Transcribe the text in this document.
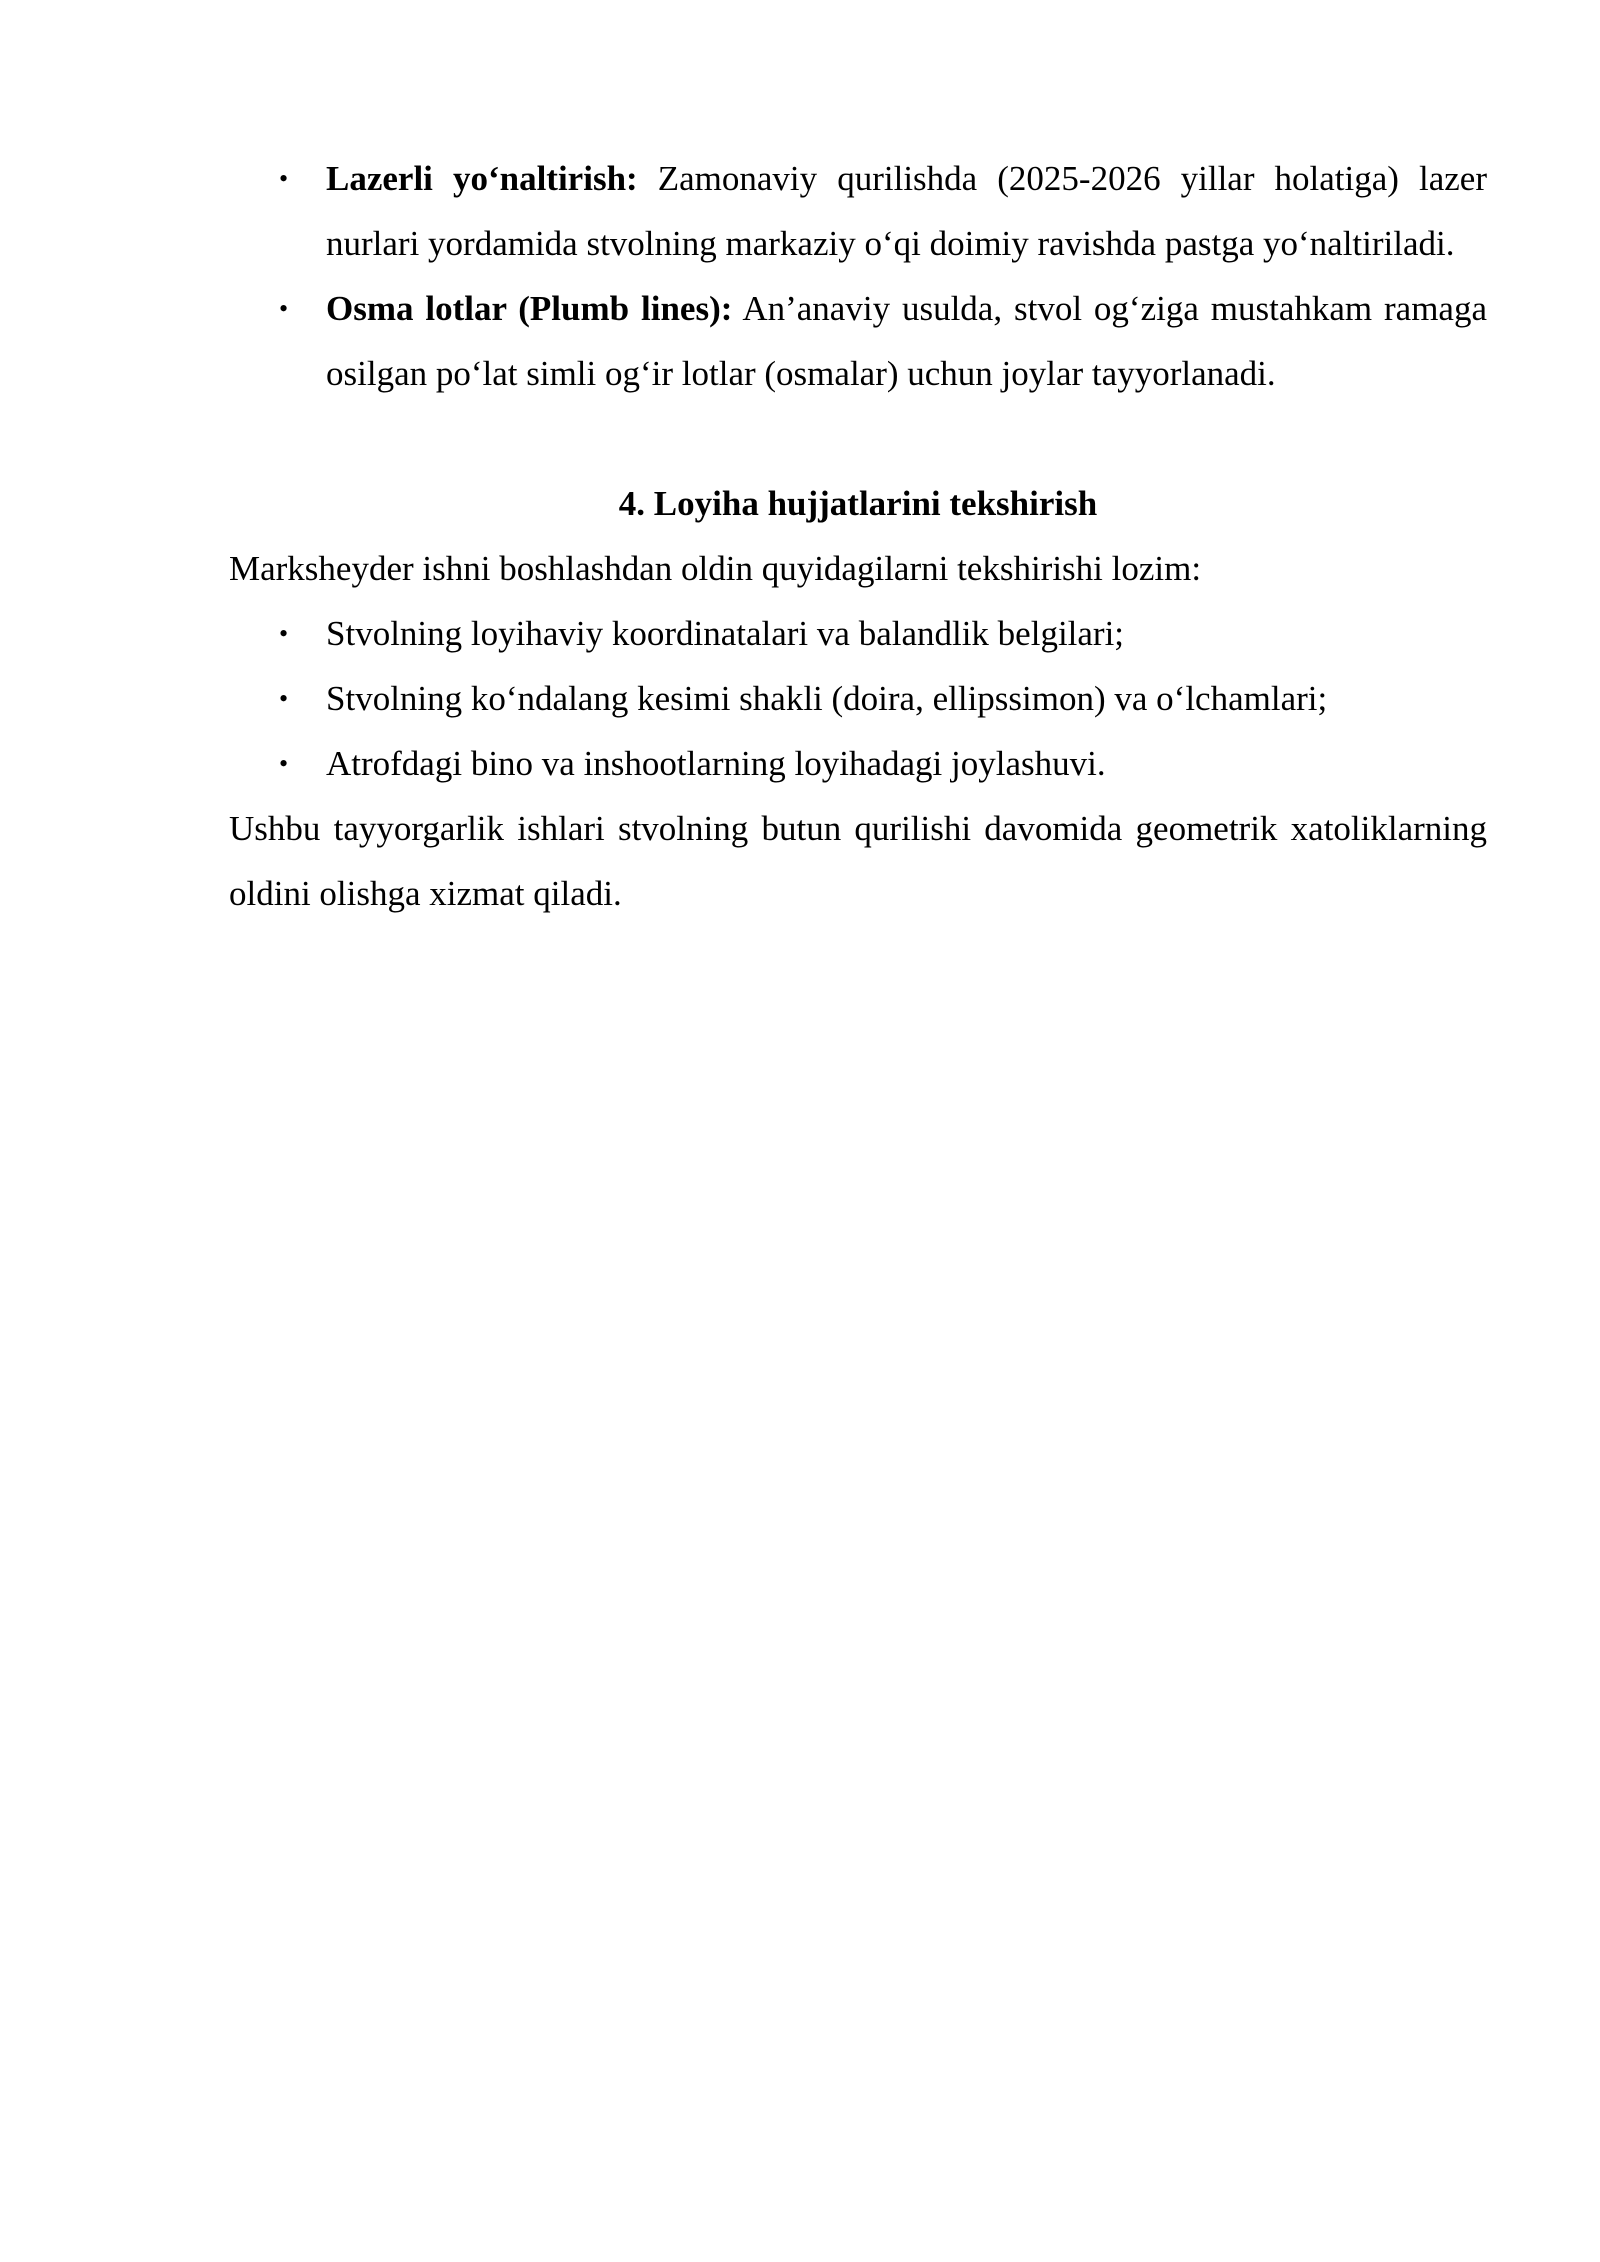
•	Lazerli yo‘naltirish: Zamonaviy qurilishda (2025-2026 yillar holatiga) lazer nurlari yordamida stvolning markaziy o‘qi doimiy ravishda pastga yo‘naltiriladi.
•	Osma lotlar (Plumb lines): An’anaviy usulda, stvol og‘ziga mustahkam ramaga osilgan po‘lat simli og‘ir lotlar (osmalar) uchun joylar tayyorlanadi.
4. Loyiha hujjatlarini tekshirish

Marksheyder ishni boshlashdan oldin quyidagilarni tekshirishi lozim:

•	Stvolning loyihaviy koordinatalari va balandlik belgilari;
•	Stvolning ko‘ndalang kesimi shakli (doira, ellipssimon) va o‘lchamlari;
•	Atrofdagi bino va inshootlarning loyihadagi joylashuvi.

Ushbu tayyorgarlik ishlari stvolning butun qurilishi davomida geometrik xatoliklarning oldini olishga xizmat qiladi.
